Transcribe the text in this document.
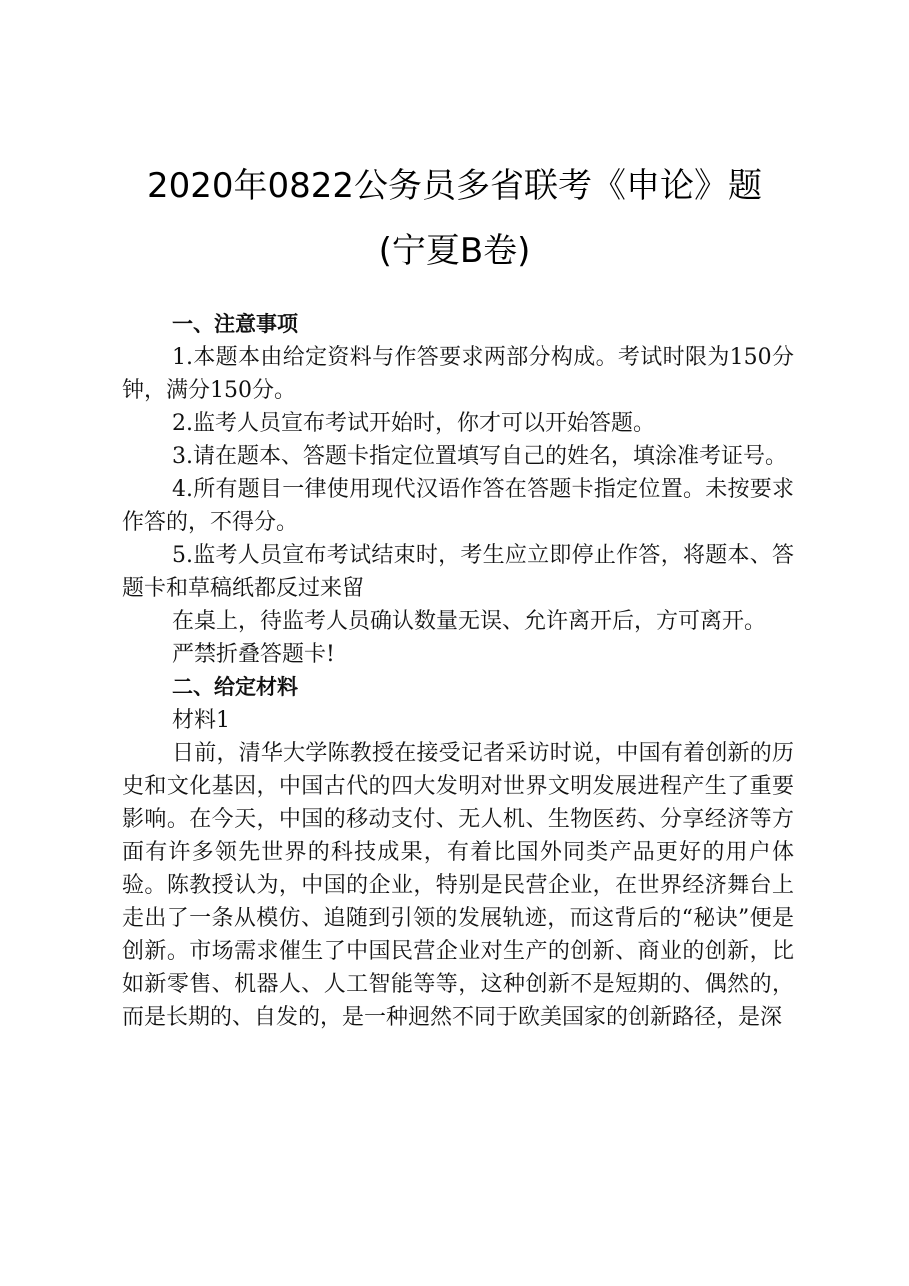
2020年0822公务员多省联考《申论》题
(宁夏B卷)

一、注意事项

1.本题本由给定资料与作答要求两部分构成。考试时限为150分钟，满分150分。

2.监考人员宣布考试开始时，你才可以开始答题。

3.请在题本、答题卡指定位置填写自己的姓名，填涂准考证号。

4.所有题目一律使用现代汉语作答在答题卡指定位置。未按要求作答的，不得分。

5.监考人员宣布考试结束时，考生应立即停止作答，将题本、答题卡和草稿纸都反过来留

在桌上，待监考人员确认数量无误、允许离开后，方可离开。

严禁折叠答题卡!

二、给定材料

材料1

日前，清华大学陈教授在接受记者采访时说，中国有着创新的历史和文化基因，中国古代的四大发明对世界文明发展进程产生了重要影响。在今天，中国的移动支付、无人机、生物医药、分享经济等方面有许多领先世界的科技成果，有着比国外同类产品更好的用户体验。陈教授认为，中国的企业，特别是民营企业，在世界经济舞台上走出了一条从模仿、追随到引领的发展轨迹，而这背后的“秘诀”便是创新。市场需求催生了中国民营企业对生产的创新、商业的创新，比如新零售、机器人、人工智能等等，这种创新不是短期的、偶然的，而是长期的、自发的，是一种迥然不同于欧美国家的创新路径，是深
